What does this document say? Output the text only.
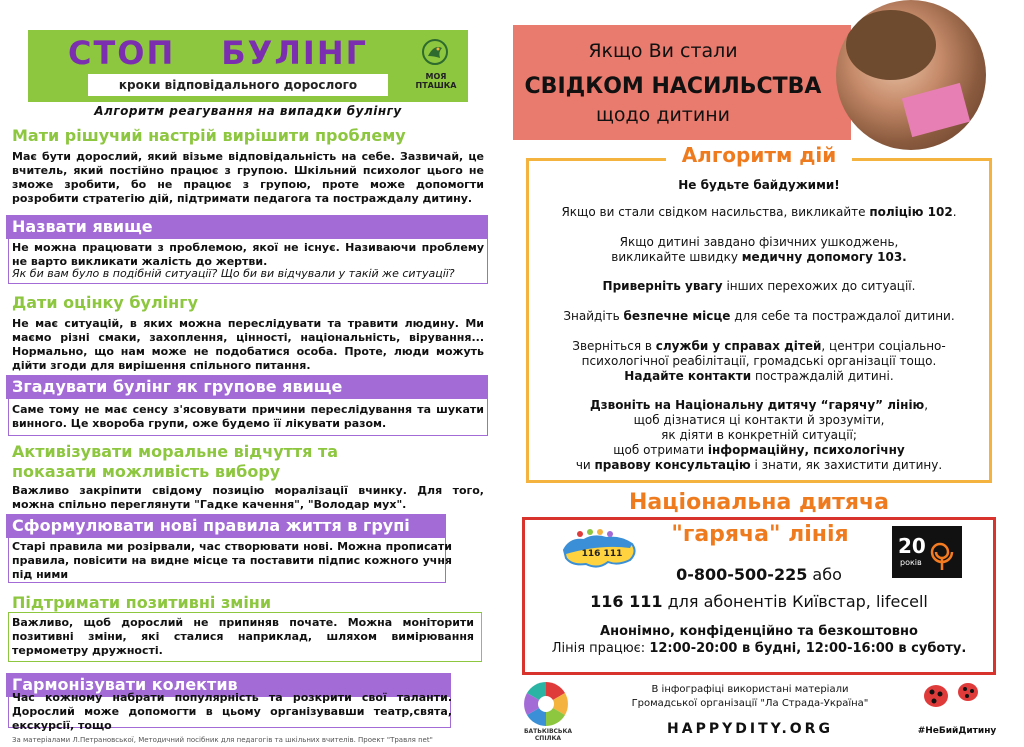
СТОП БУЛІНГ
кроки відповідального дорослого
МОЯ ПТАШКА
Алгоритм реагування на випадки булінгу
Мати рішучий настрій вирішити проблему
Має бути дорослий, який візьме відповідальність на себе. Зазвичай, це вчитель, який постійно працює з групою. Шкільний психолог цього не зможе зробити, бо не працює з групою, проте може допомогти розробити стратегію дій, підтримати педагога та постраждалу дитину.
Назвати явище
Не можна працювати з проблемою, якої не існує. Називаючи проблему не варто викликати жалість до жертви.
Як би вам було в подібній ситуації? Що би ви відчували у такій же ситуації?
Дати оцінку булінгу
Не має ситуацій, в яких можна переслідувати та травити людину. Ми маємо різні смаки, захоплення, цінності, національність, вірування... Нормально, що нам може не подобатися особа. Проте, люди можуть дійти згоди для вирішення спільного питання.
Згадувати булінг як групове явище
Саме тому не має сенсу з'ясовувати причини переслідування та шукати винного. Це хвороба групи, оже будемо її лікувати разом.
Активізувати моральне відчуття та
показати можливість вибору
Важливо закріпити свідому позицію моралізації вчинку. Для того, можна спільно переглянути "Гадке качення", "Володар мух".
Сформулювати нові правила життя в групі
Старі правила ми розірвали, час створювати нові. Можна прописати правила, повісити на видне місце та поставити підпис кожного учня під ними
Підтримати позитивні зміни
Важливо, щоб дорослий не припиняв почате. Можна моніторити позитивні зміни, які сталися наприклад, шляхом вимірювання термометру дружності.
Гармонізувати колектив
Час кожному набрати популярність та розкрити свої таланти. Дорослий може допомогти в цьому організувавши театр,свята, екскурсії, тощо
За матеріалами Л.Петрановської, Методичний посібник для педагогів та шкільних вчителів. Проект "Травля net"
Якщо Ви стали
СВІДКОМ НАСИЛЬСТВА
щодо дитини
Алгоритм дій
Не будьте байдужими!
Якщо ви стали свідком насильства, викликайте поліцію 102.
Якщо дитині завдано фізичних ушкоджень,
викликайте швидку медичну допомогу 103.
Приверніть увагу інших перехожих до ситуації.
Знайдіть безпечне місце для себе та постраждалої дитини.
Зверніться в служби у справах дітей, центри соціально-
психологічної реабілітації, громадські організації тощо.
Надайте контакти постраждалій дитині.
Дзвоніть на Національну дитячу “гарячу” лінію,
щоб дізнатися ці контакти й зрозуміти,
як діяти в конкретній ситуації;
щоб отримати інформаційну, психологічну
чи правову консультацію і знати, як захистити дитину.
Національна дитяча
"гаряча" лінія
116 111	20
років
0-800-500-225 або
116 111 для абонентів Київстар, lifecell
Анонімно, конфіденційно та безкоштовно
Лінія працює: 12:00-20:00 в будні, 12:00-16:00 в суботу.
БАТЬКІВСЬКА СПІЛКА
В інфографіці використані матеріали
Громадської організації "Ла Страда-Україна"
HAPPYDITY.ORG	#НеБийДитину
